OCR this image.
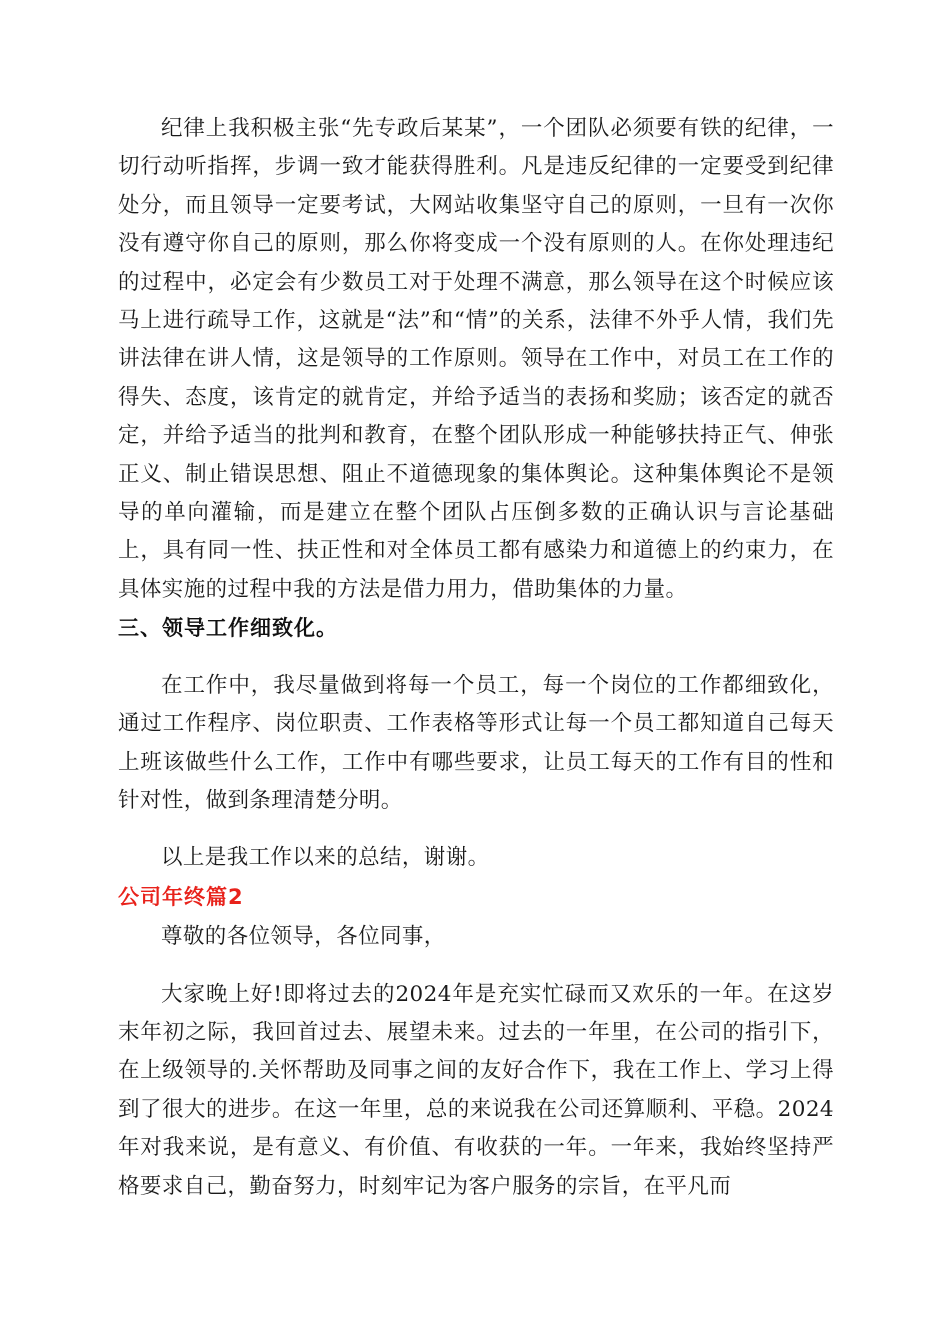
纪律上我积极主张“先专政后某某”，一个团队必须要有铁的纪律，一切行动听指挥，步调一致才能获得胜利。凡是违反纪律的一定要受到纪律处分，而且领导一定要考试，大网站收集坚守自己的原则，一旦有一次你没有遵守你自己的原则，那么你将变成一个没有原则的人。在你处理违纪的过程中，必定会有少数员工对于处理不满意，那么领导在这个时候应该马上进行疏导工作，这就是“法”和“情”的关系，法律不外乎人情，我们先讲法律在讲人情，这是领导的工作原则。领导在工作中，对员工在工作的得失、态度，该肯定的就肯定，并给予适当的表扬和奖励；该否定的就否定，并给予适当的批判和教育，在整个团队形成一种能够扶持正气、伸张正义、制止错误思想、阻止不道德现象的集体舆论。这种集体舆论不是领导的单向灌输，而是建立在整个团队占压倒多数的正确认识与言论基础上，具有同一性、扶正性和对全体员工都有感染力和道德上的约束力，在具体实施的过程中我的方法是借力用力，借助集体的力量。

三、领导工作细致化。

在工作中，我尽量做到将每一个员工，每一个岗位的工作都细致化，通过工作程序、岗位职责、工作表格等形式让每一个员工都知道自己每天上班该做些什么工作，工作中有哪些要求，让员工每天的工作有目的性和针对性，做到条理清楚分明。

以上是我工作以来的总结，谢谢。

公司年终篇2

尊敬的各位领导，各位同事，

大家晚上好!即将过去的2024年是充实忙碌而又欢乐的一年。在这岁末年初之际，我回首过去、展望未来。过去的一年里，在公司的指引下，在上级领导的.关怀帮助及同事之间的友好合作下，我在工作上、学习上得到了很大的进步。在这一年里，总的来说我在公司还算顺利、平稳。2024年对我来说，是有意义、有价值、有收获的一年。一年来，我始终坚持严格要求自己，勤奋努力，时刻牢记为客户服务的宗旨，在平凡而
